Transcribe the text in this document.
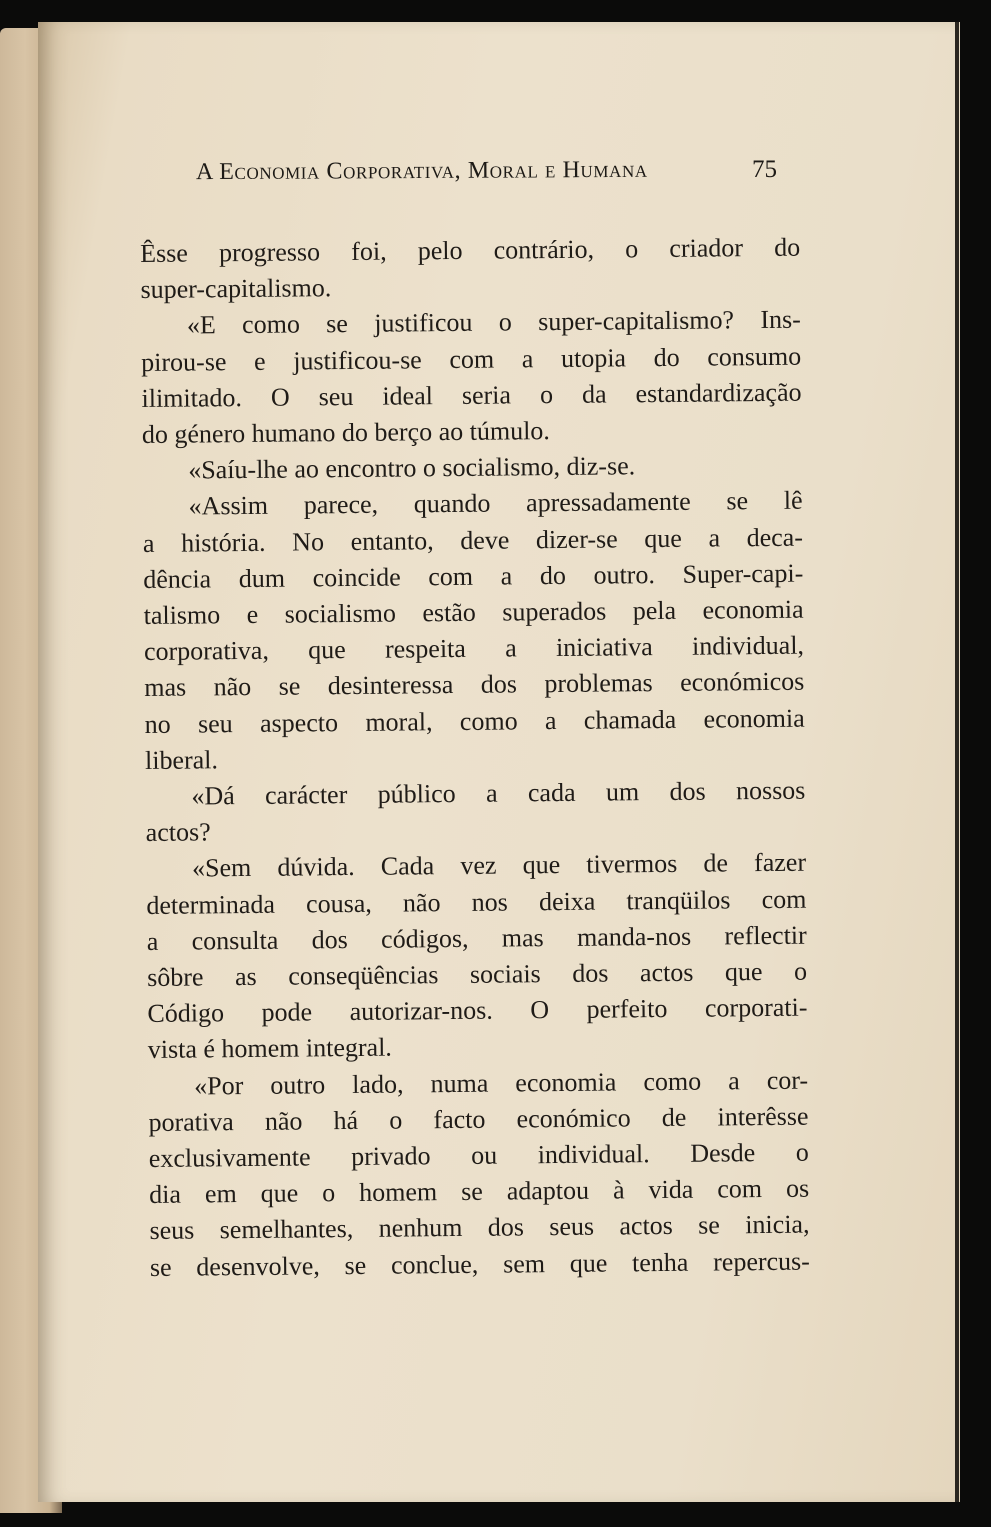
A Economia Corporativa, Moral e Humana	75
Êsse progresso foi, pelo contrário, o criador do
super-capitalismo.
«E como se justificou o super-capitalismo? Ins-
pirou-se e justificou-se com a utopia do consumo
ilimitado. O seu ideal seria o da estandardização
do género humano do berço ao túmulo.
«Saíu-lhe ao encontro o socialismo, diz-se.
«Assim parece, quando apressadamente se lê
a história. No entanto, deve dizer-se que a deca-
dência dum coincide com a do outro. Super-capi-
talismo e socialismo estão superados pela economia
corporativa, que respeita a iniciativa individual,
mas não se desinteressa dos problemas económicos
no seu aspecto moral, como a chamada economia
liberal.
«Dá carácter público a cada um dos nossos
actos?
«Sem dúvida. Cada vez que tivermos de fazer
determinada cousa, não nos deixa tranqüilos com
a consulta dos códigos, mas manda-nos reflectir
sôbre as conseqüências sociais dos actos que o
Código pode autorizar-nos. O perfeito corporati-
vista é homem integral.
«Por outro lado, numa economia como a cor-
porativa não há o facto económico de interêsse
exclusivamente privado ou individual. Desde o
dia em que o homem se adaptou à vida com os
seus semelhantes, nenhum dos seus actos se inicia,
se desenvolve, se conclue, sem que tenha repercus-
